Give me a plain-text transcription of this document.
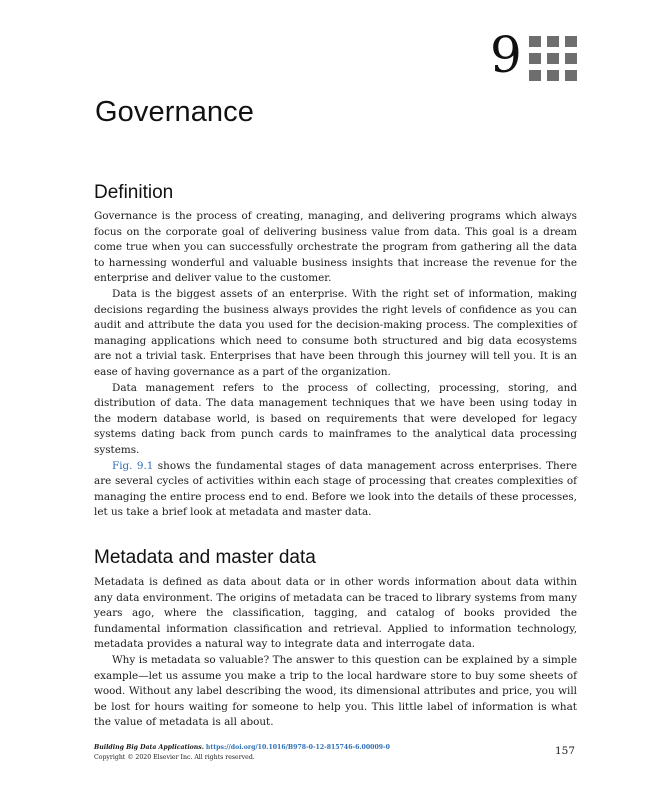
9
Governance
Definition

Governance is the process of creating, managing, and delivering programs which always focus on the corporate goal of delivering business value from data. This goal is a dream come true when you can successfully orchestrate the program from gathering all the data to harnessing wonderful and valuable business insights that increase the revenue for the enterprise and deliver value to the customer.

Data is the biggest assets of an enterprise. With the right set of information, making decisions regarding the business always provides the right levels of confidence as you can audit and attribute the data you used for the decision-making process. The complexities of managing applications which need to consume both structured and big data ecosystems are not a trivial task. Enterprises that have been through this journey will tell you. It is an ease of having governance as a part of the organization.

Data management refers to the process of collecting, processing, storing, and distribution of data. The data management techniques that we have been using today in the modern database world, is based on requirements that were developed for legacy systems dating back from punch cards to mainframes to the analytical data processing systems.

Fig. 9.1 shows the fundamental stages of data management across enterprises. There are several cycles of activities within each stage of processing that creates complexities of managing the entire process end to end. Before we look into the details of these processes, let us take a brief look at metadata and master data.

Metadata and master data

Metadata is defined as data about data or in other words information about data within any data environment. The origins of metadata can be traced to library systems from many years ago, where the classification, tagging, and catalog of books provided the fundamental information classification and retrieval. Applied to information technology, metadata provides a natural way to integrate data and interrogate data.

Why is metadata so valuable? The answer to this question can be explained by a simple example—let us assume you make a trip to the local hardware store to buy some sheets of wood. Without any label describing the wood, its dimensional attributes and price, you will be lost for hours waiting for someone to help you. This little label of information is what the value of metadata is all about.

Building Big Data Applications. https://doi.org/10.1016/B978-0-12-815746-6.00009-0
Copyright © 2020 Elsevier Inc. All rights reserved.
157
